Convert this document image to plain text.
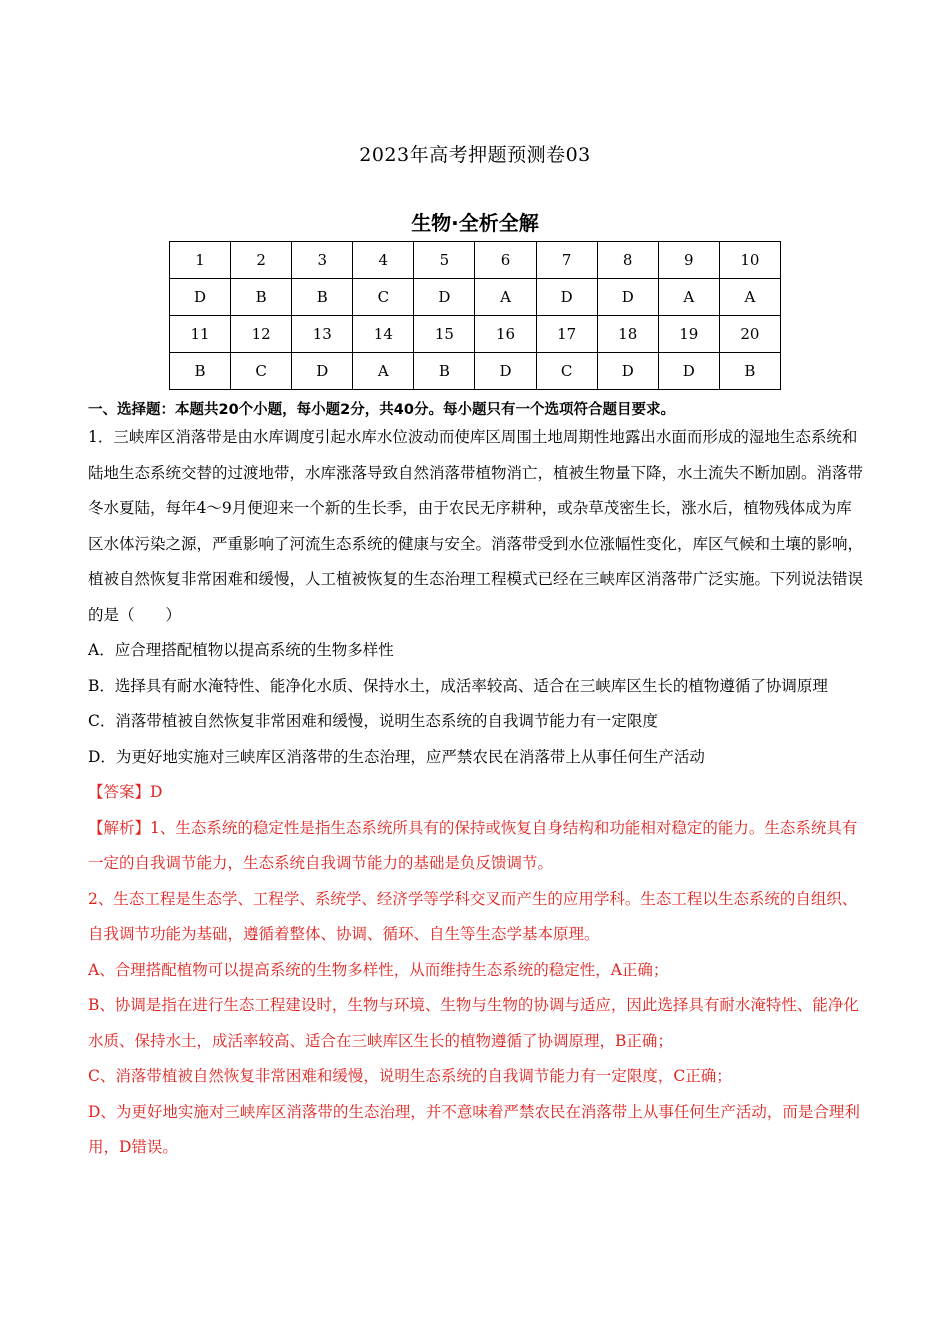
2023年高考押题预测卷03
生物·全析全解
1	2	3	4	5	6	7	8	9	10
D	B	B	C	D	A	D	D	A	A
11	12	13	14	15	16	17	18	19	20
B	C	D	A	B	D	C	D	D	B
一、选择题：本题共20个小题，每小题2分，共40分。每小题只有一个选项符合题目要求。

1．三峡库区消落带是由水库调度引起水库水位波动而使库区周围土地周期性地露出水面而形成的湿地生态系统和陆地生态系统交替的过渡地带，水库涨落导致自然消落带植物消亡，植被生物量下降，水土流失不断加剧。消落带冬水夏陆，每年4～9月便迎来一个新的生长季，由于农民无序耕种，或杂草茂密生长，涨水后，植物残体成为库区水体污染之源，严重影响了河流生态系统的健康与安全。消落带受到水位涨幅性变化，库区气候和土壤的影响，植被自然恢复非常困难和缓慢，人工植被恢复的生态治理工程模式已经在三峡库区消落带广泛实施。下列说法错误的是（　　）

A．应合理搭配植物以提高系统的生物多样性

B．选择具有耐水淹特性、能净化水质、保持水土，成活率较高、适合在三峡库区生长的植物遵循了协调原理

C．消落带植被自然恢复非常困难和缓慢，说明生态系统的自我调节能力有一定限度

D．为更好地实施对三峡库区消落带的生态治理，应严禁农民在消落带上从事任何生产活动

【答案】D

【解析】1、生态系统的稳定性是指生态系统所具有的保持或恢复自身结构和功能相对稳定的能力。生态系统具有一定的自我调节能力，生态系统自我调节能力的基础是负反馈调节。

2、生态工程是生态学、工程学、系统学、经济学等学科交叉而产生的应用学科。生态工程以生态系统的自组织、自我调节功能为基础，遵循着整体、协调、循环、自生等生态学基本原理。

A、合理搭配植物可以提高系统的生物多样性，从而维持生态系统的稳定性，A正确；

B、协调是指在进行生态工程建设时，生物与环境、生物与生物的协调与适应，因此选择具有耐水淹特性、能净化水质、保持水土，成活率较高、适合在三峡库区生长的植物遵循了协调原理，B正确；

C、消落带植被自然恢复非常困难和缓慢，说明生态系统的自我调节能力有一定限度，C正确；

D、为更好地实施对三峡库区消落带的生态治理，并不意味着严禁农民在消落带上从事任何生产活动，而是合理利用，D错误。
